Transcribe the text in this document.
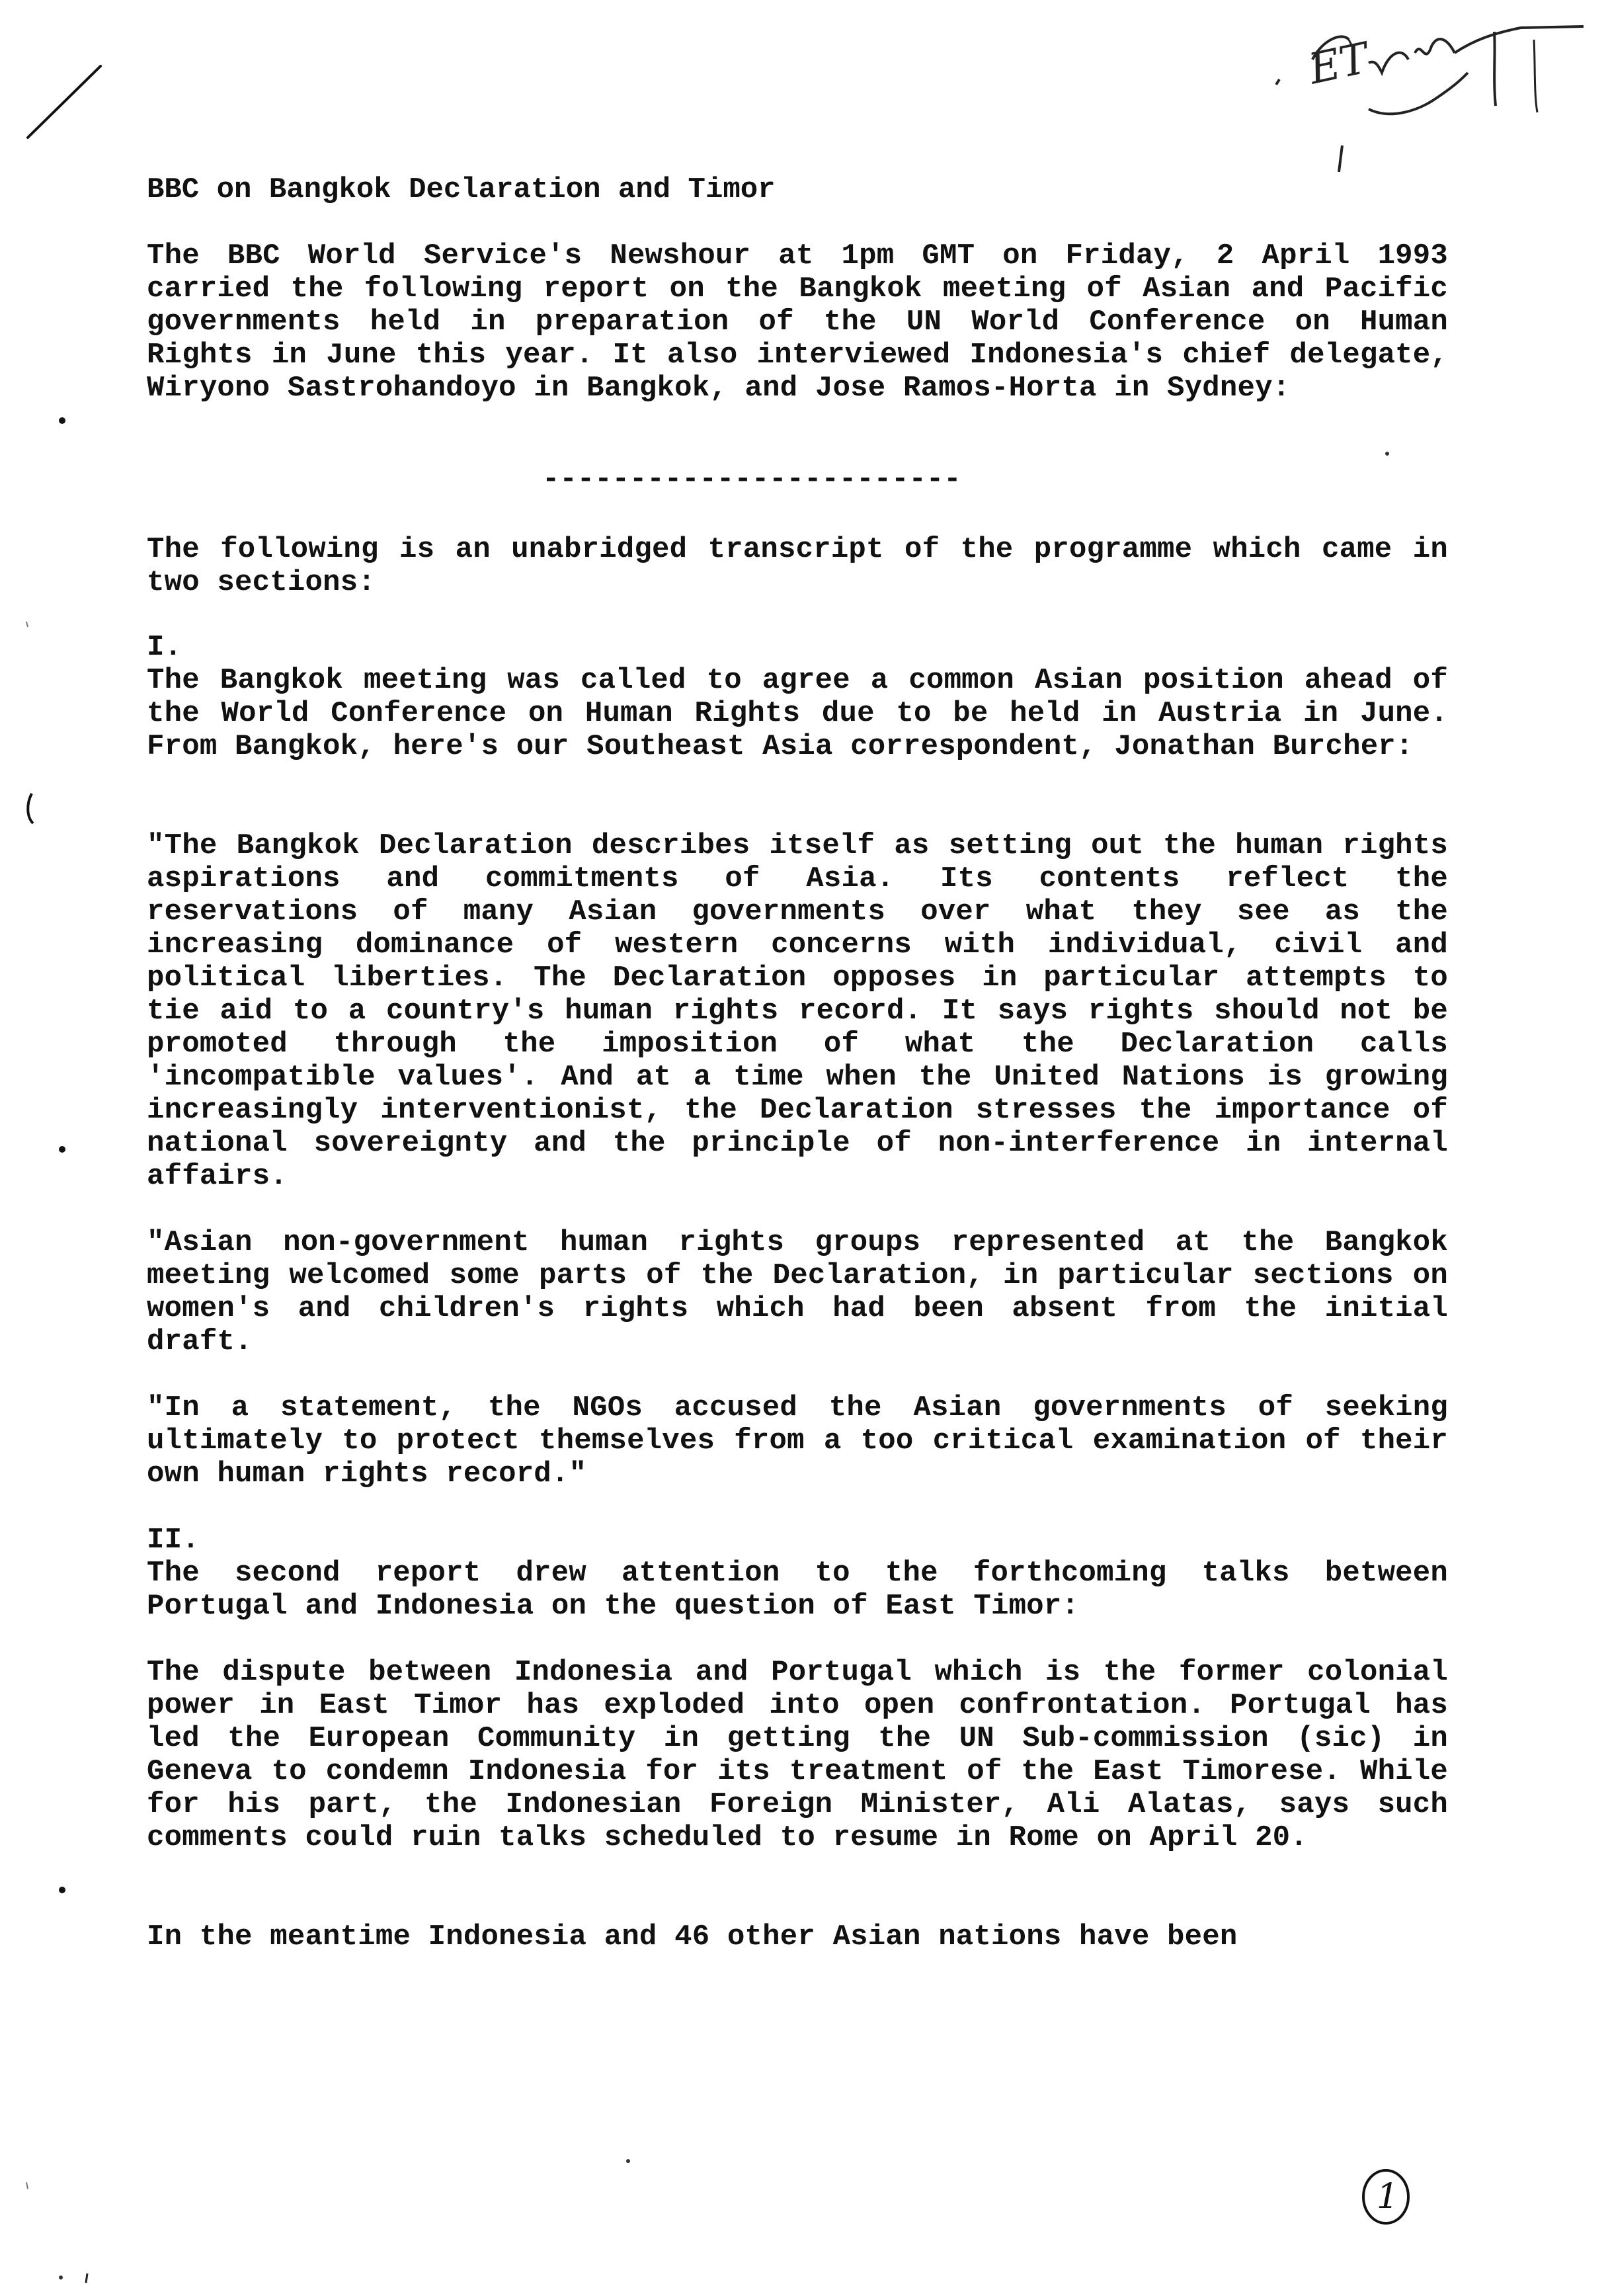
1
ET
BBC on Bangkok Declaration and Timor

The BBC World Service's Newshour at 1pm GMT on Friday, 2 April 1993 carried the following report on the Bangkok meeting of Asian and Pacific governments held in preparation of the UN World Conference on Human Rights in June this year. It also interviewed Indonesia's chief delegate, Wiryono Sastrohandoyo in Bangkok, and Jose Ramos-Horta in Sydney:

------------------------

The following is an unabridged transcript of the programme which came in two sections:

I.

The Bangkok meeting was called to agree a common Asian position ahead of the World Conference on Human Rights due to be held in Austria in June. From Bangkok, here's our Southeast Asia correspondent, Jonathan Burcher:

"The Bangkok Declaration describes itself as setting out the human rights aspirations and commitments of Asia. Its contents reflect the reservations of many Asian governments over what they see as the increasing dominance of western concerns with individual, civil and political liberties. The Declaration opposes in particular attempts to tie aid to a country's human rights record. It says rights should not be promoted through the imposition of what the Declaration calls 'incompatible values'. And at a time when the United Nations is growing increasingly interventionist, the Declaration stresses the importance of national sovereignty and the principle of non-interference in internal affairs.

"Asian non-government human rights groups represented at the Bangkok meeting welcomed some parts of the Declaration, in particular sections on women's and children's rights which had been absent from the initial draft.

"In a statement, the NGOs accused the Asian governments of seeking ultimately to protect themselves from a too critical examination of their own human rights record."

II.

The second report drew attention to the forthcoming talks between Portugal and Indonesia on the question of East Timor:

The dispute between Indonesia and Portugal which is the former colonial power in East Timor has exploded into open confrontation. Portugal has led the European Community in getting the UN Sub-commission (sic) in Geneva to condemn Indonesia for its treatment of the East Timorese. While for his part, the Indonesian Foreign Minister, Ali Alatas, says such comments could ruin talks scheduled to resume in Rome on April 20.

In the meantime Indonesia and 46 other Asian nations have been
